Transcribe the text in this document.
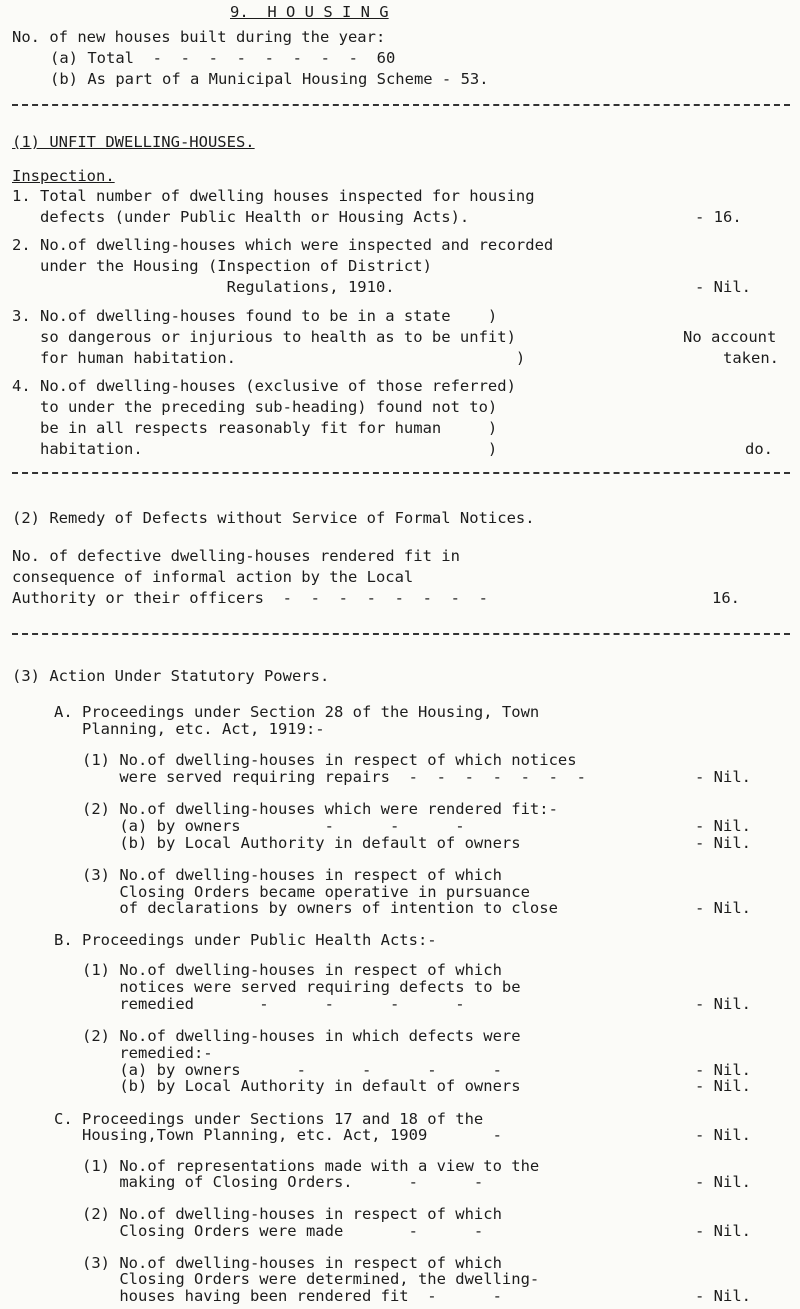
9.  H O U S I N G
No. of new houses built during the year:
(a) Total  -  -  -  -  -  -  -  -  60
(b) As part of a Municipal Housing Scheme - 53.
(1) UNFIT DWELLING-HOUSES.
Inspection.
1. Total number of dwelling houses inspected for housing
defects (under Public Health or Housing Acts).	- 16.
2. No.of dwelling-houses which were inspected and recorded
under the Housing (Inspection of District)
Regulations, 1910.	- Nil.
3. No.of dwelling-houses found to be in a state    )
so dangerous or injurious to health as to be unfit)
for human habitation.                              )
No account
taken.
4. No.of dwelling-houses (exclusive of those referred)
to under the preceding sub-heading) found not to)
be in all respects reasonably fit for human     )
habitation.                                     )	do.
(2) Remedy of Defects without Service of Formal Notices.
No. of defective dwelling-houses rendered fit in
consequence of informal action by the Local
Authority or their officers  -  -  -  -  -  -  -  -	16.
(3) Action Under Statutory Powers.
A. Proceedings under Section 28 of the Housing, Town
Planning, etc. Act, 1919:-
(1) No.of dwelling-houses in respect of which notices
were served requiring repairs  -  -  -  -  -  -  -	- Nil.
(2) No.of dwelling-houses which were rendered fit:-
(a) by owners         -      -      -	- Nil.
(b) by Local Authority in default of owners	- Nil.
(3) No.of dwelling-houses in respect of which
Closing Orders became operative in pursuance
of declarations by owners of intention to close	- Nil.
B. Proceedings under Public Health Acts:-
(1) No.of dwelling-houses in respect of which
notices were served requiring defects to be
remedied       -      -      -      -	- Nil.
(2) No.of dwelling-houses in which defects were
remedied:-
(a) by owners      -      -      -      -	- Nil.
(b) by Local Authority in default of owners	- Nil.
C. Proceedings under Sections 17 and 18 of the
Housing,Town Planning, etc. Act, 1909       -	- Nil.
(1) No.of representations made with a view to the
making of Closing Orders.      -      -	- Nil.
(2) No.of dwelling-houses in respect of which
Closing Orders were made       -      -	- Nil.
(3) No.of dwelling-houses in respect of which
Closing Orders were determined, the dwelling-
houses having been rendered fit  -      -	- Nil.
